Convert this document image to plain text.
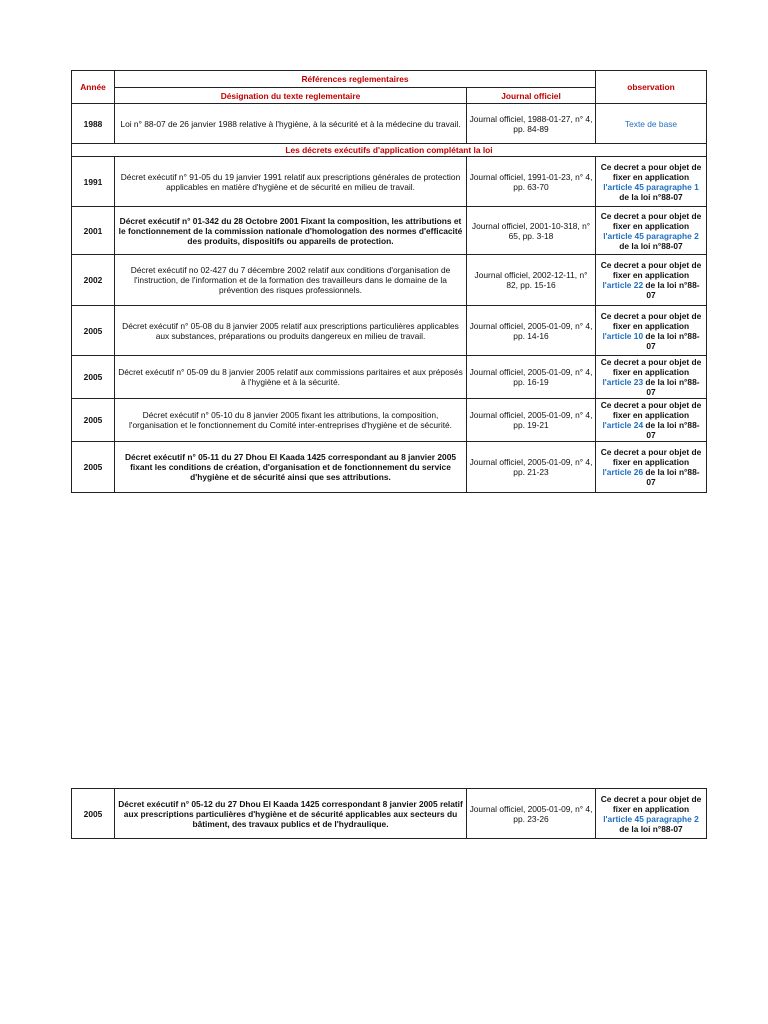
Année	Références reglementaires		observation
	Désignation du texte reglementaire	Journal officiel	
1988	Loi n° 88-07 de 26 janvier 1988 relative à l'hygiène, à la sécurité et à la médecine du travail.	Journal officiel, 1988-01-27, n° 4, pp. 84-89	Texte de base
Les décrets exécutifs d'application complétant la loi			
1991	Décret exécutif n° 91-05 du 19 janvier 1991 relatif aux prescriptions générales de protection applicables en matière d'hygiène et de sécurité en milieu de travail.	Journal officiel, 1991-01-23, n° 4, pp. 63-70	Ce decret a pour objet de fixer en application l'article 45 paragraphe 1 de la loi n°88-07
2001	Décret exécutif n° 01-342 du 28 Octobre 2001 Fixant la composition, les attributions et le fonctionnement de la commission nationale d'homologation des normes d'efficacité des produits, dispositifs ou appareils de protection.	Journal officiel, 2001-10-318, n° 65, pp. 3-18	Ce decret a pour objet de fixer en application l'article 45 paragraphe 2 de la loi n°88-07
2002	Décret exécutif no 02-427 du 7 décembre 2002 relatif aux conditions d'organisation de l'instruction, de l'information et de la formation des travailleurs dans le domaine de la prévention des risques professionnels.	Journal officiel, 2002-12-11, n° 82, pp. 15-16	Ce decret a pour objet de fixer en application l'article 22 de la loi n°88-07
2005	Décret exécutif n° 05-08 du 8 janvier 2005 relatif aux prescriptions particulières applicables aux substances, préparations ou produits dangereux en milieu de travail.	Journal officiel, 2005-01-09, n° 4, pp. 14-16	Ce decret a pour objet de fixer en application l'article 10 de la loi n°88-07
2005	Décret exécutif n° 05-09 du 8 janvier 2005 relatif aux commissions paritaires et aux préposés à l'hygiène et à la sécurité.	Journal officiel, 2005-01-09, n° 4, pp. 16-19	Ce decret a pour objet de fixer en application l'article 23 de la loi n°88-07
2005	Décret exécutif n° 05-10 du 8 janvier 2005 fixant les attributions, la composition, l'organisation et le fonctionnement du Comité inter-entreprises d'hygiène et de sécurité.	Journal officiel, 2005-01-09, n° 4, pp. 19-21	Ce decret a pour objet de fixer en application l'article 24 de la loi n°88-07
2005	Décret exécutif n° 05-11 du 27 Dhou El Kaada 1425 correspondant au 8 janvier 2005 fixant les conditions de création, d'organisation et de fonctionnement du service d'hygiène et de sécurité ainsi que ses attributions.	Journal officiel, 2005-01-09, n° 4, pp. 21-23	Ce decret a pour objet de fixer en application l'article 26 de la loi n°88-07
2005	Décret exécutif n° 05-12 du 27 Dhou El Kaada 1425 correspondant 8 janvier 2005 relatif aux prescriptions particulières d'hygiène et de sécurité applicables aux secteurs du bâtiment, des travaux publics et de l'hydraulique.	Journal officiel, 2005-01-09, n° 4, pp. 23-26	Ce decret a pour objet de fixer en application l'article 45 paragraphe 2 de la loi n°88-07
